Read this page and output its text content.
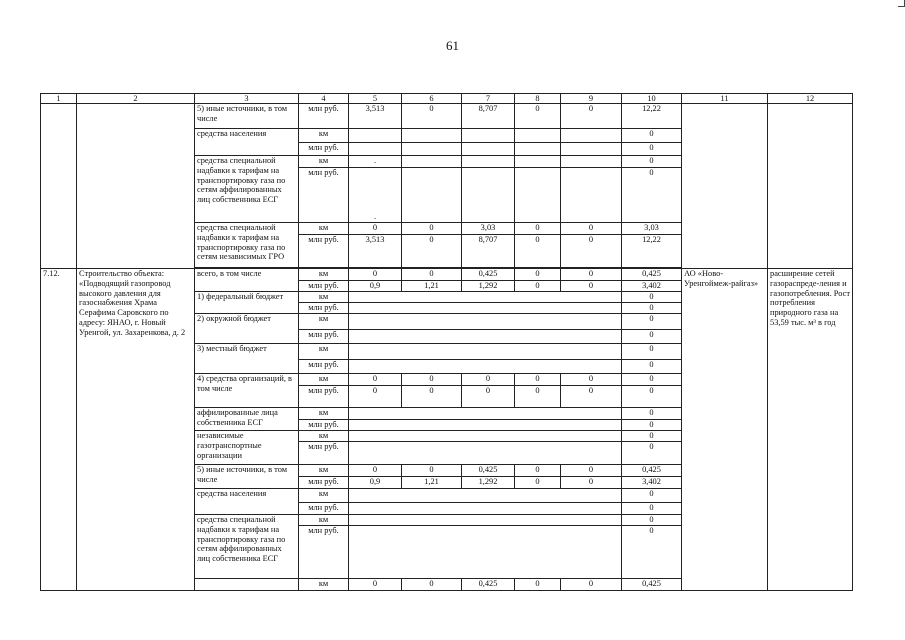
61
1	2	3	4	5	6	7	8	9	10	11	12
		5) иные источники, в том числе	млн руб.	3,513	0	8,707	0	0	12,22		
		средства населения	км						0		
			млн руб.						0		
		средства специальной надбавки к тарифам на транспортировку газа по сетям аффилированных лиц собственника ЕСГ	км	.					0		
			млн руб.	.					0		
		средства специальной надбавки к тарифам на транспортировку газа по сетям независимых ГРО	км	0	0	3,03	0	0	3,03		
			млн руб.	3,513	0	8,707	0	0	12,22		

7.12.	Строительство объекта: «Подводящий газопровод высокого давления для газоснабжения Храма Серафима Саровского по адресу: ЯНАО, г. Новый Уренгой, ул. Захаренкова, д. 2	всего, в том числе	км	0	0	0,425	0	0	0,425	АО «Ново-Уренгоймеж-райгаз»	расширение сетей газораспреде-ления и газопотребления. Рост потребления природного газа на 53,59 тыс. м³ в год
			млн руб.	0,9	1,21	1,292	0	0	3,402		
		1) федеральный бюджет	км						0		
			млн руб.						0		
		2) окружной бюджет	км						0		
			млн руб.						0		
		3) местный бюджет	км						0		
			млн руб.						0		
		4) средства организаций, в том числе	км	0	0	0	0	0	0		
			млн руб.	0	0	0	0	0	0		
		аффилированные лица собственника ЕСГ	км						0		
			млн руб.						0		
		независимые газотранспортные организации	км						0		
			млн руб.						0		
		5) иные источники, в том числе	км	0	0	0,425	0	0	0,425		
			млн руб.	0,9	1,21	1,292	0	0	3,402		
		средства населения	км						0		
			млн руб.						0		
		средства специальной надбавки к тарифам на транспортировку газа по сетям аффилированных лиц собственника ЕСГ	км						0		
			млн руб.						0		
			км	0	0	0,425	0	0	0,425		
